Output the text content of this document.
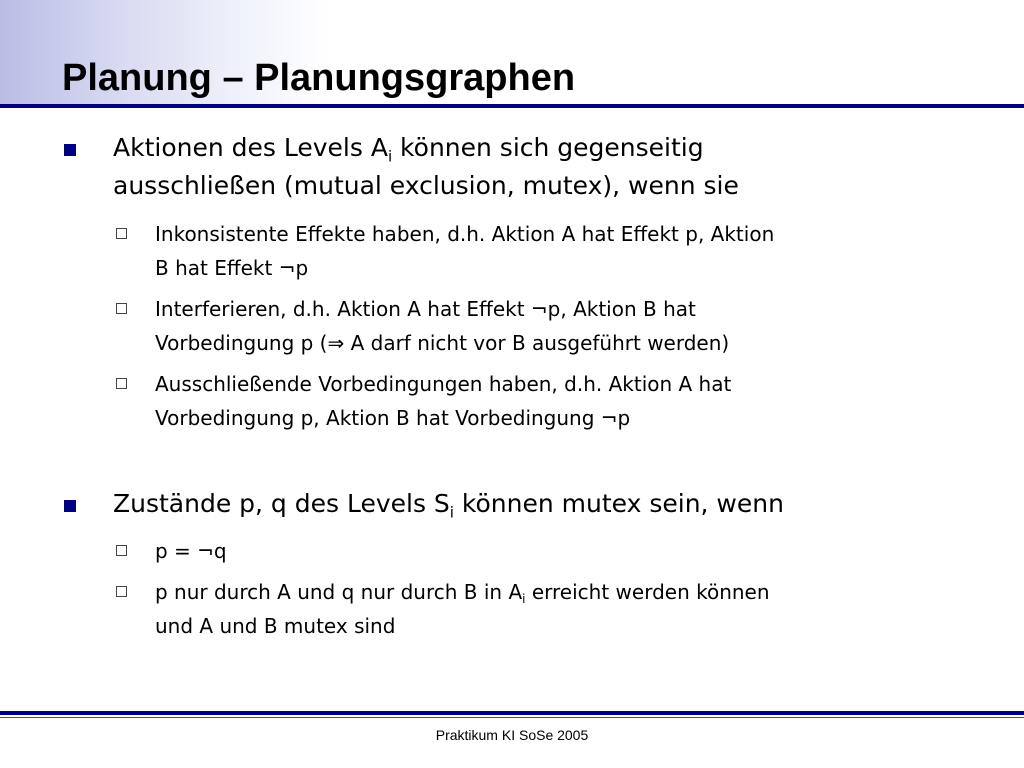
Planung – Planungsgraphen
Aktionen des Levels $A_i$ können sich gegenseitig
ausschließen (mutual exclusion, mutex), wenn sie
Inkonsistente Effekte haben, d.h. Aktion A hat Effekt p, Aktion
B hat Effekt ¬p
Interferieren, d.h. Aktion A hat Effekt ¬p, Aktion B hat
Vorbedingung p (⇒ A darf nicht vor B ausgeführt werden)
Ausschließende Vorbedingungen haben, d.h. Aktion A hat
Vorbedingung p, Aktion B hat Vorbedingung ¬p
Zustände p, q des Levels $S_i$ können mutex sein, wenn
p = ¬q
p nur durch A und q nur durch B in $A_i$ erreicht werden können
und A und B mutex sind
Praktikum KI SoSe 2005
